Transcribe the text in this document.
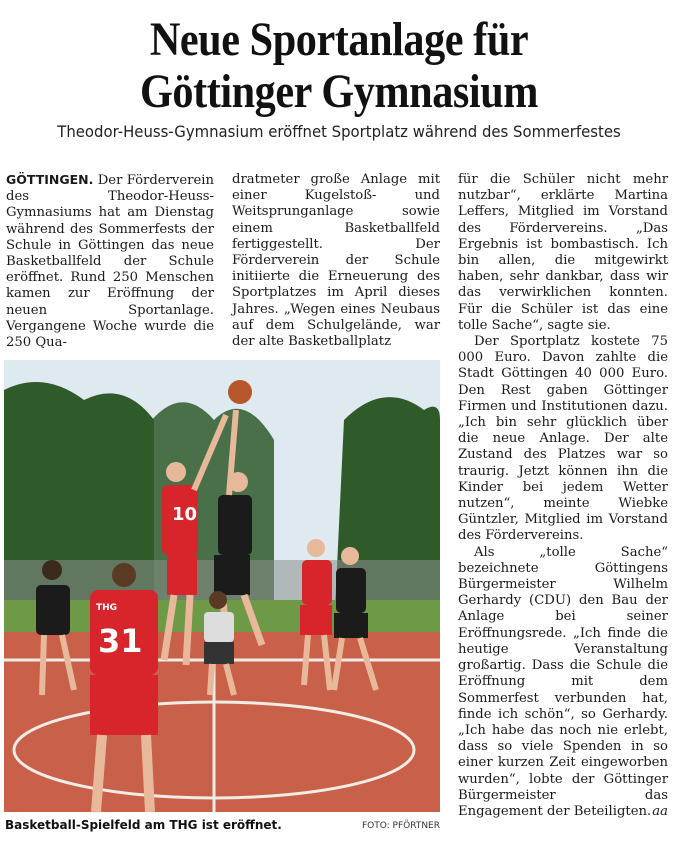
Neue Sportanlage für
Göttinger Gymnasium
Theodor-Heuss-Gymnasium eröffnet Sportplatz während des Sommerfestes

GÖTTINGEN. Der Förderverein des Theodor-Heuss-Gymnasiums hat am Dienstag während des Sommerfests der Schule in Göttingen das neue Basketballfeld der Schule eröffnet. Rund 250 Menschen kamen zur Eröffnung der neuen Sportanlage. Vergangene Woche wurde die 250 Qua-

dratmeter große Anlage mit einer Kugelstoß- und Weitsprunganlage sowie einem Basketballfeld fertiggestellt. Der Förderverein der Schule initiierte die Erneuerung des Sportplatzes im April dieses Jahres. „Wegen eines Neubaus auf dem Schulgelände, war der alte Basketballplatz

für die Schüler nicht mehr nutzbar“, erklärte Martina Leffers, Mitglied im Vorstand des Fördervereins. „Das Ergebnis ist bombastisch. Ich bin allen, die mitgewirkt haben, sehr dankbar, dass wir das verwirklichen konnten. Für die Schüler ist das eine tolle Sache“, sagte sie.

Der Sportplatz kostete 75 000 Euro. Davon zahlte die Stadt Göttingen 40 000 Euro. Den Rest gaben Göttinger Firmen und Institutionen dazu. „Ich bin sehr glücklich über die neue Anlage. Der alte Zustand des Platzes war so traurig. Jetzt können ihn die Kinder bei jedem Wetter nutzen“, meinte Wiebke Güntzler, Mitglied im Vorstand des Fördervereins.

Als „tolle Sache“ bezeichnete Göttingens Bürgermeister Wilhelm Gerhardy (CDU) den Bau der Anlage bei seiner Eröffnungsrede. „Ich finde die heutige Veranstaltung großartig. Dass die Schule die Eröffnung mit dem Sommerfest verbunden hat, finde ich schön“, so Gerhardy. „Ich habe das noch nie erlebt, dass so viele Spenden in so einer kurzen Zeit eingeworben wurden“, lobte der Göttinger Bürgermeister das Engagement der Beteiligten. aa
10
THG
31
Basketball-Spielfeld am THG ist eröffnet.	FOTO: PFÖRTNER
